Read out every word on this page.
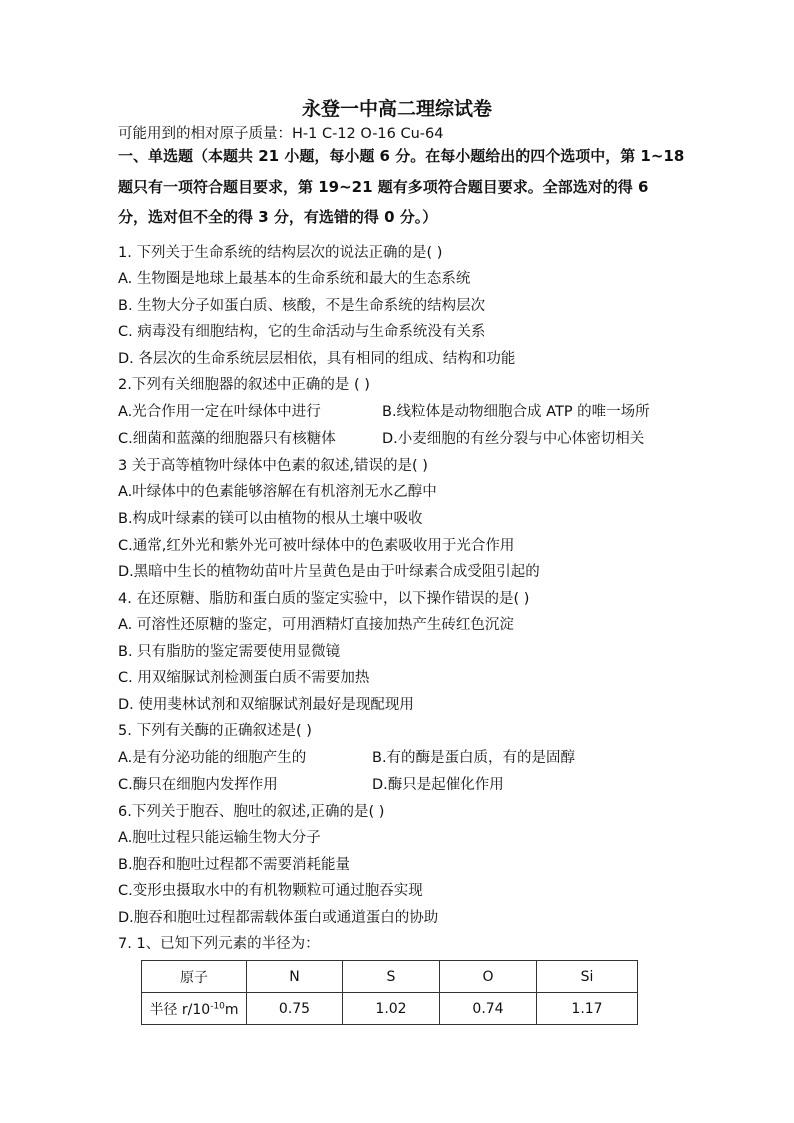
永登一中高二理综试卷
可能用到的相对原子质量：H-1 C-12 O-16 Cu-64
一、单选题（本题共 21 小题，每小题 6 分。在每小题给出的四个选项中，第 1~18
题只有一项符合题目要求，第 19~21 题有多项符合题目要求。全部选对的得 6
分，选对但不全的得 3 分，有选错的得 0 分。）
1. 下列关于生命系统的结构层次的说法正确的是( )
A. 生物圈是地球上最基本的生命系统和最大的生态系统
B. 生物大分子如蛋白质、核酸，不是生命系统的结构层次
C. 病毒没有细胞结构，它的生命活动与生命系统没有关系
D. 各层次的生命系统层层相依，具有相同的组成、结构和功能
2.下列有关细胞器的叙述中正确的是 ( )
A.光合作用一定在叶绿体中进行	B.线粒体是动物细胞合成 ATP 的唯一场所
C.细菌和蓝藻的细胞器只有核糖体	D.小麦细胞的有丝分裂与中心体密切相关
3 关于高等植物叶绿体中色素的叙述,错误的是( )
A.叶绿体中的色素能够溶解在有机溶剂无水乙醇中
B.构成叶绿素的镁可以由植物的根从土壤中吸收
C.通常,红外光和紫外光可被叶绿体中的色素吸收用于光合作用
D.黑暗中生长的植物幼苗叶片呈黄色是由于叶绿素合成受阻引起的
4. 在还原糖、脂肪和蛋白质的鉴定实验中，以下操作错误的是( )
A. 可溶性还原糖的鉴定，可用酒精灯直接加热产生砖红色沉淀
B. 只有脂肪的鉴定需要使用显微镜
C. 用双缩脲试剂检测蛋白质不需要加热
D. 使用斐林试剂和双缩脲试剂最好是现配现用
5. 下列有关酶的正确叙述是( )
A.是有分泌功能的细胞产生的	B.有的酶是蛋白质，有的是固醇
C.酶只在细胞内发挥作用	D.酶只是起催化作用
6.下列关于胞吞、胞吐的叙述,正确的是( )
A.胞吐过程只能运输生物大分子
B.胞吞和胞吐过程都不需要消耗能量
C.变形虫摄取水中的有机物颗粒可通过胞吞实现
D.胞吞和胞吐过程都需载体蛋白或通道蛋白的协助
7. 1、已知下列元素的半径为：
原子	N	S	O	Si
半径 $r/10^{-10}m$	0.75	1.02	0.74	1.17
